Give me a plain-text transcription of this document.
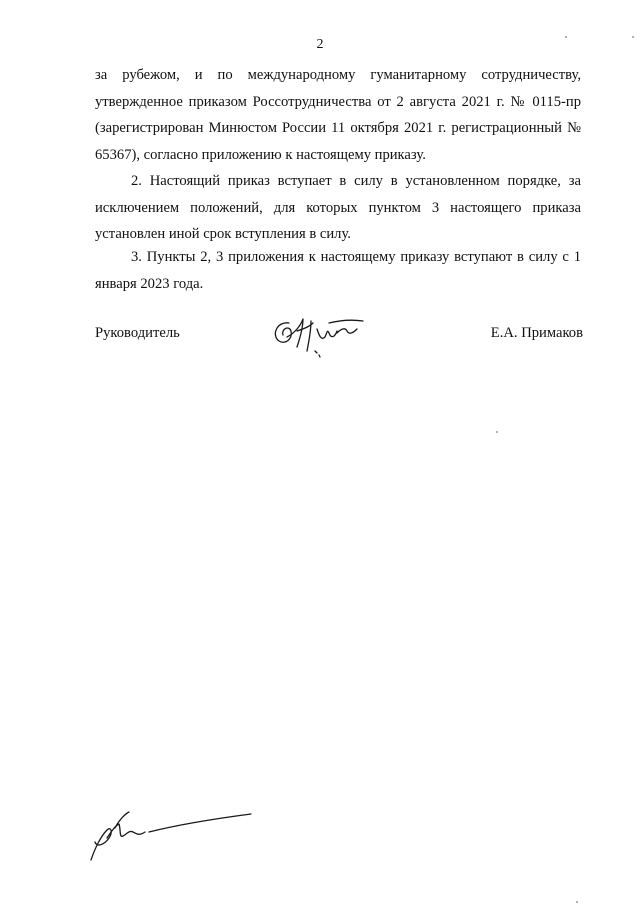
2

за рубежом, и по международному гуманитарному сотрудничеству, утвержденное приказом Россотрудничества от 2 августа 2021 г. № 0115-пр (зарегистрирован Минюстом России 11 октября 2021 г. регистрационный № 65367), согласно приложению к настоящему приказу.

2. Настоящий приказ вступает в силу в установленном порядке, за исключением положений, для которых пунктом 3 настоящего приказа установлен иной срок вступления в силу.

3. Пункты 2, 3 приложения к настоящему приказу вступают в силу с 1 января 2023 года.

Руководитель	Е.А. Примаков
